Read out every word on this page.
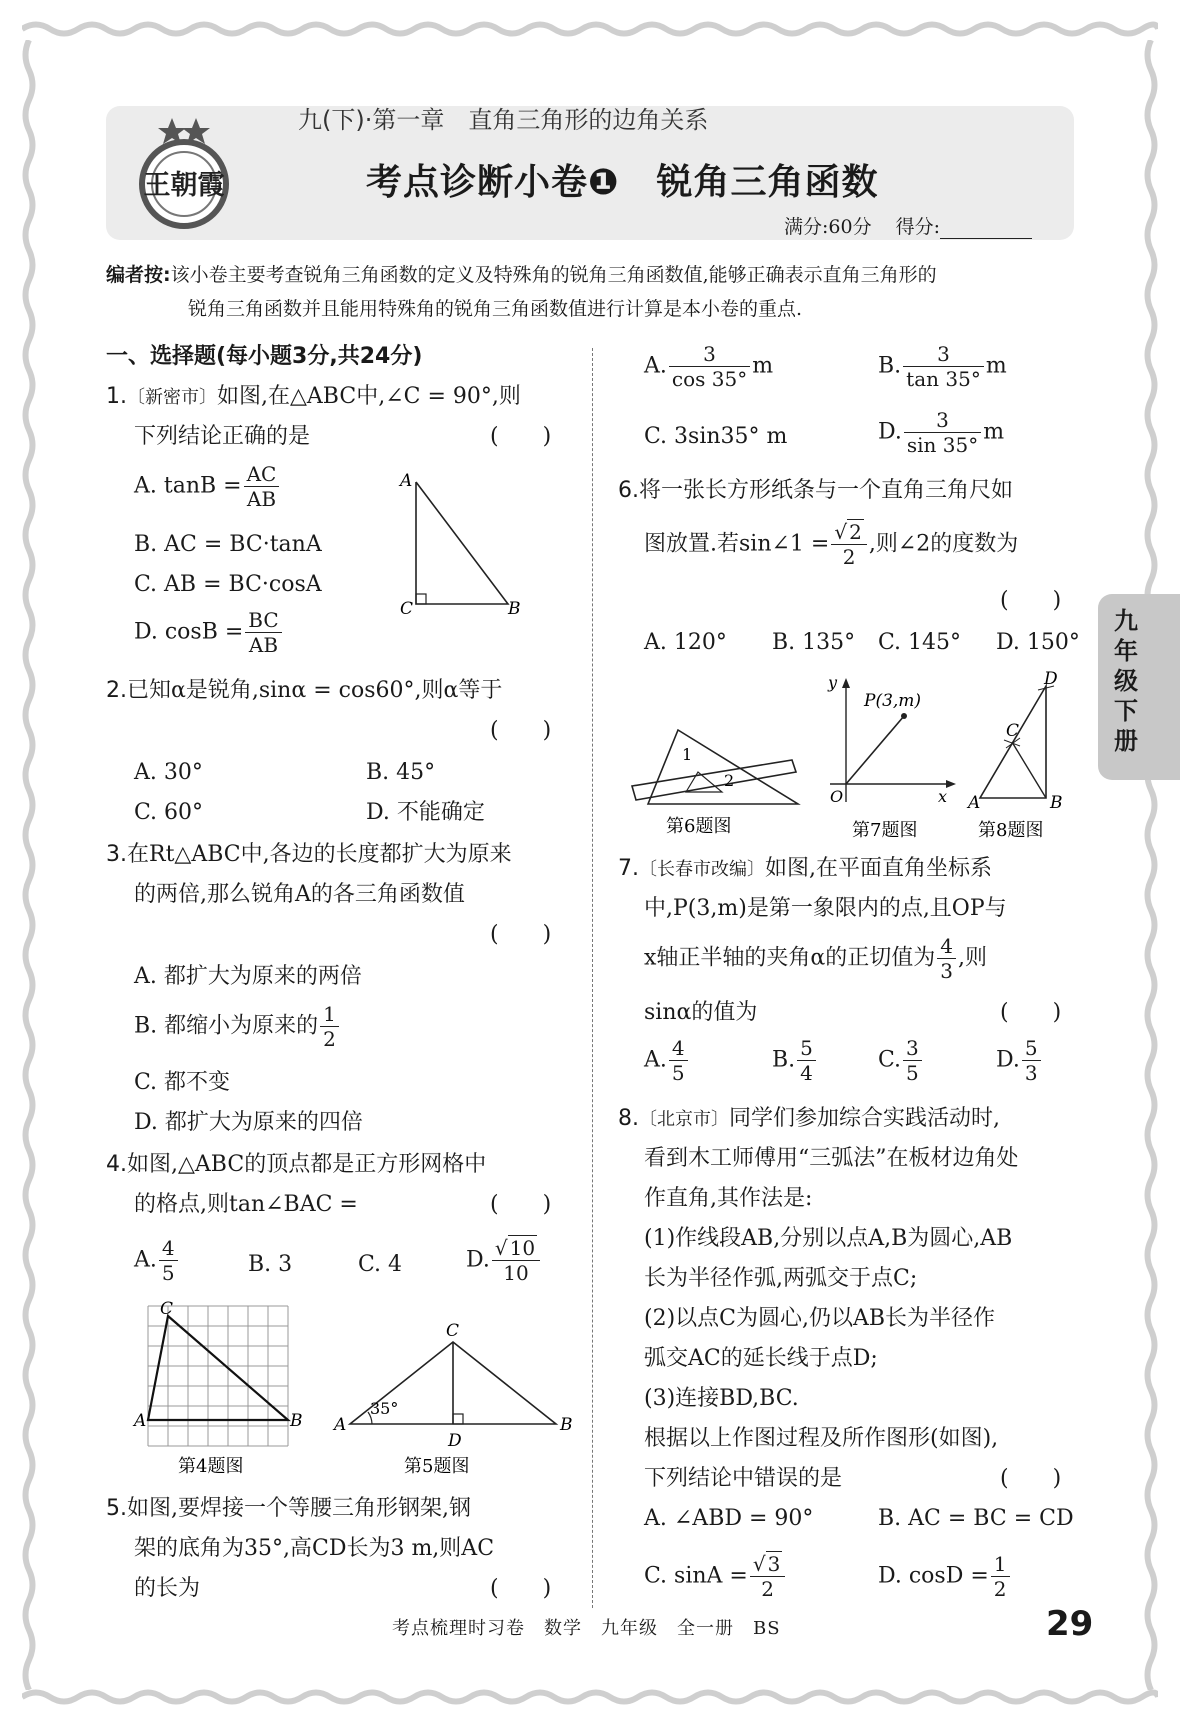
王朝霞
九(下)·第一章　直角三角形的边角关系
考点诊断小卷❶　锐角三角函数
满分:60分 得分:
编者按:该小卷主要考查锐角三角函数的定义及特殊角的锐角三角函数值,能够正确表示直角三角形的
锐角三角函数并且能用特殊角的锐角三角函数值进行计算是本小卷的重点.
九年级下册
一、选择题(每小题3分,共24分)
1.〔新密市〕如图,在△ABC中,∠C = 90°,则
下列结论正确的是	(　　)
A. $\tan B = \frac{AC}{AB}$
B. AC = BC·tanA
C. AB = BC·cosA
D. $\cos B = \frac{BC}{AB}$
A
C	B
2.已知α是锐角,sinα = cos60°,则α等于
(　　)
A. 30°	B. 45°
C. 60°	D. 不能确定
3.在Rt△ABC中,各边的长度都扩大为原来
的两倍,那么锐角A的各三角函数值
(　　)
A. 都扩大为原来的两倍
B. 都缩小为原来的 $\frac{1}{2}$
C. 都不变
D. 都扩大为原来的四倍
4.如图,△ABC的顶点都是正方形网格中
的格点,则tan∠BAC =	(　　)
A. $\frac{4}{5}$	B. 3	C. 4	D. $\frac{√ 10}{10}$
A	B
C
第4题图
A	B
C
D
35°
第5题图
5.如图,要焊接一个等腰三角形钢架,钢
架的底角为35°,高CD长为3 m,则AC
的长为	(　　)
A. $\frac{3}{\cos 35^\circ}$ m	B. $\frac{3}{\tan 35^\circ}$ m
C. 3sin35° m	D. $\frac{3}{\sin 35^\circ}$ m
6.将一张长方形纸条与一个直角三角尺如
图放置.若sin∠1 = $\frac{√ 2}{2}$ ,则∠2的度数为
(　　)
A. 120° B. 135° C. 145° D. 150°
1
2
第6题图
y
x
O
P(3,m)
第7题图
A	B
C
D
第8题图
7.〔长春市改编〕如图,在平面直角坐标系
中,P(3,m)是第一象限内的点,且OP与
x轴正半轴的夹角α的正切值为 $\frac{4}{3}$ ,则
sinα的值为	(　　)
A. $\frac{4}{5}$	B. $\frac{5}{4}$	C. $\frac{3}{5}$	D. $\frac{5}{3}$
8.〔北京市〕同学们参加综合实践活动时,
看到木工师傅用“三弧法”在板材边角处
作直角,其作法是:
(1)作线段AB,分别以点A,B为圆心,AB
长为半径作弧,两弧交于点C;
(2)以点C为圆心,仍以AB长为半径作
弧交AC的延长线于点D;
(3)连接BD,BC.
根据以上作图过程及所作图形(如图),
下列结论中错误的是	(　　)
A. ∠ABD = 90°	B. AC = BC = CD
C. $\sin A = \frac{√ 3}{2}$	D. $\cos D = \frac{1}{2}$
考点梳理时习卷　数学　九年级　全一册　BS	29
